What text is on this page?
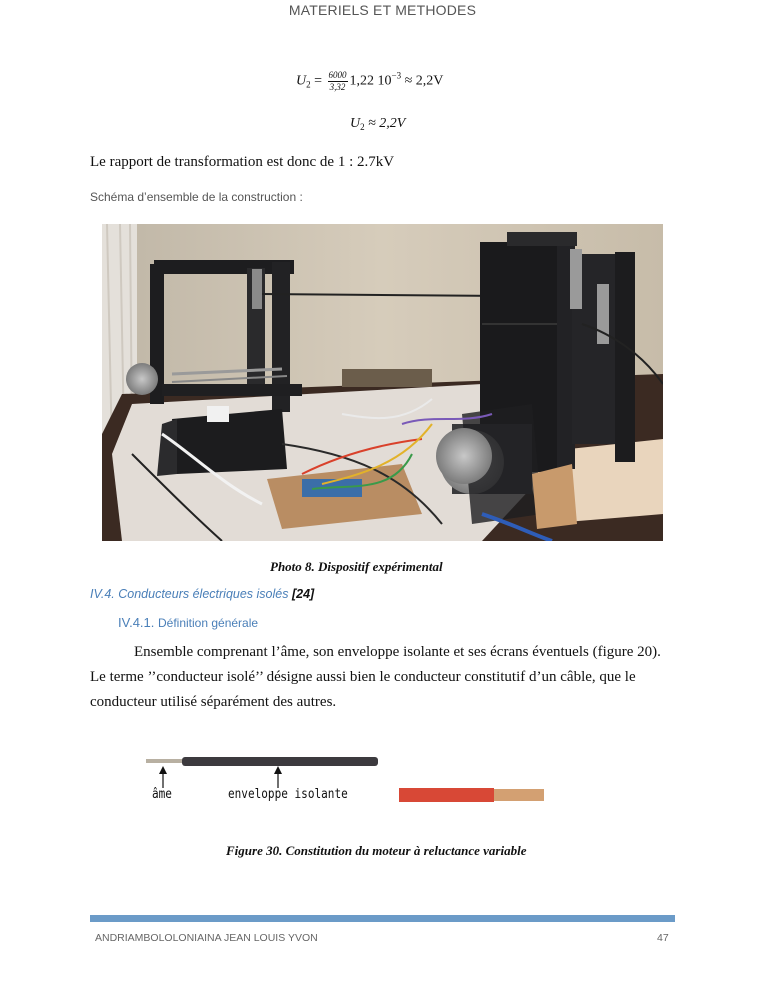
MATERIELS ET METHODES
$U_2 = \frac{6000}{3,32} 1,22$ $10^{-3} \approx 2,2V$
$U_2 \approx 2,2V$
Le rapport de transformation est donc de 1 : 2.7kV
Schéma d’ensemble de la construction :
Photo 8. Dispositif expérimental
IV.4. Conducteurs électriques isolés [24]
IV.4.1. Définition générale
Ensemble comprenant l’âme, son enveloppe isolante et ses écrans éventuels (figure 20).
Le terme ’’conducteur isolé’’ désigne aussi bien le conducteur constitutif d’un câble, que le
conducteur utilisé séparément des autres.
âme	enveloppe isolante
Figure 30. Constitution du moteur à reluctance variable
ANDRIAMBOLOLONIAINA JEAN LOUIS YVON	47
